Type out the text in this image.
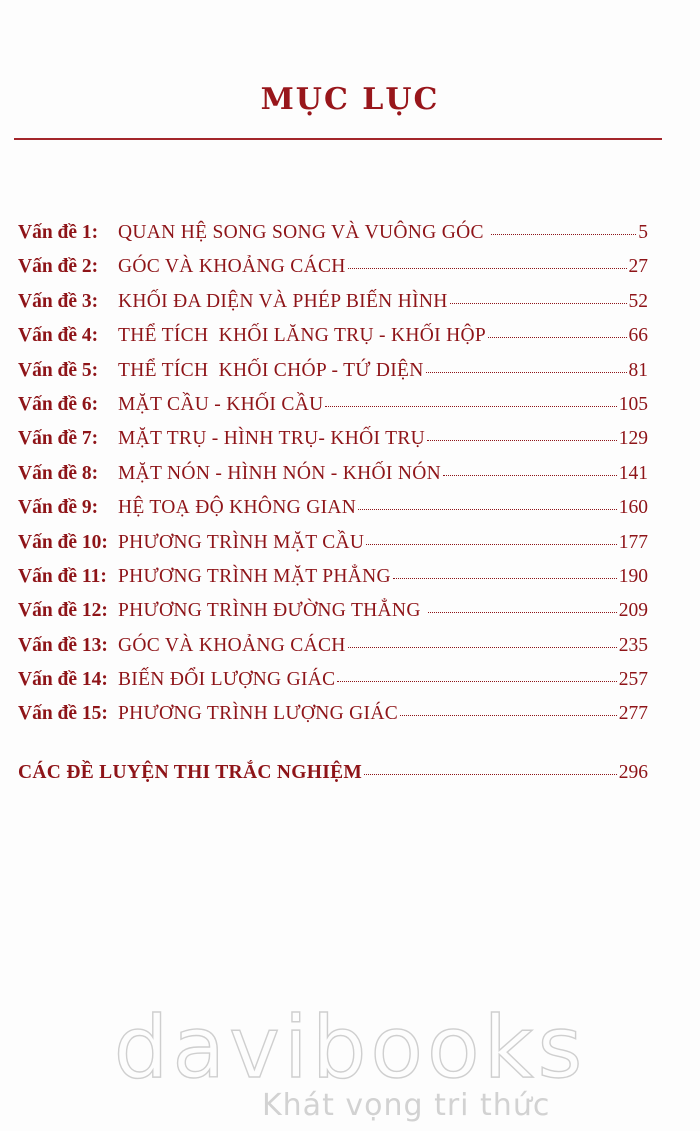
MỤC LỤC
Vấn đề 1:	QUAN HỆ SONG SONG VÀ VUÔNG GÓC	5
Vấn đề 2:	GÓC VÀ KHOẢNG CÁCH	27
Vấn đề 3:	KHỐI ĐA DIỆN VÀ PHÉP BIẾN HÌNH	52
Vấn đề 4:	THỂ TÍCH  KHỐI LĂNG TRỤ - KHỐI HỘP	66
Vấn đề 5:	THỂ TÍCH  KHỐI CHÓP - TỨ DIỆN	81
Vấn đề 6:	MẶT CẦU - KHỐI CẦU	105
Vấn đề 7:	MẶT TRỤ - HÌNH TRỤ- KHỐI TRỤ	129
Vấn đề 8:	MẶT NÓN - HÌNH NÓN - KHỐI NÓN	141
Vấn đề 9:	HỆ TOẠ ĐỘ KHÔNG GIAN	160
Vấn đề 10: PHƯƠNG TRÌNH MẶT CẦU	177
Vấn đề 11: PHƯƠNG TRÌNH MẶT PHẲNG	190
Vấn đề 12: PHƯƠNG TRÌNH ĐƯỜNG THẲNG	209
Vấn đề 13: GÓC VÀ KHOẢNG CÁCH	235
Vấn đề 14: BIẾN ĐỔI LƯỢNG GIÁC	257
Vấn đề 15: PHƯƠNG TRÌNH LƯỢNG GIÁC	277
CÁC ĐỀ LUYỆN THI TRẮC NGHIỆM	296
davibooks
Khát vọng tri thức
